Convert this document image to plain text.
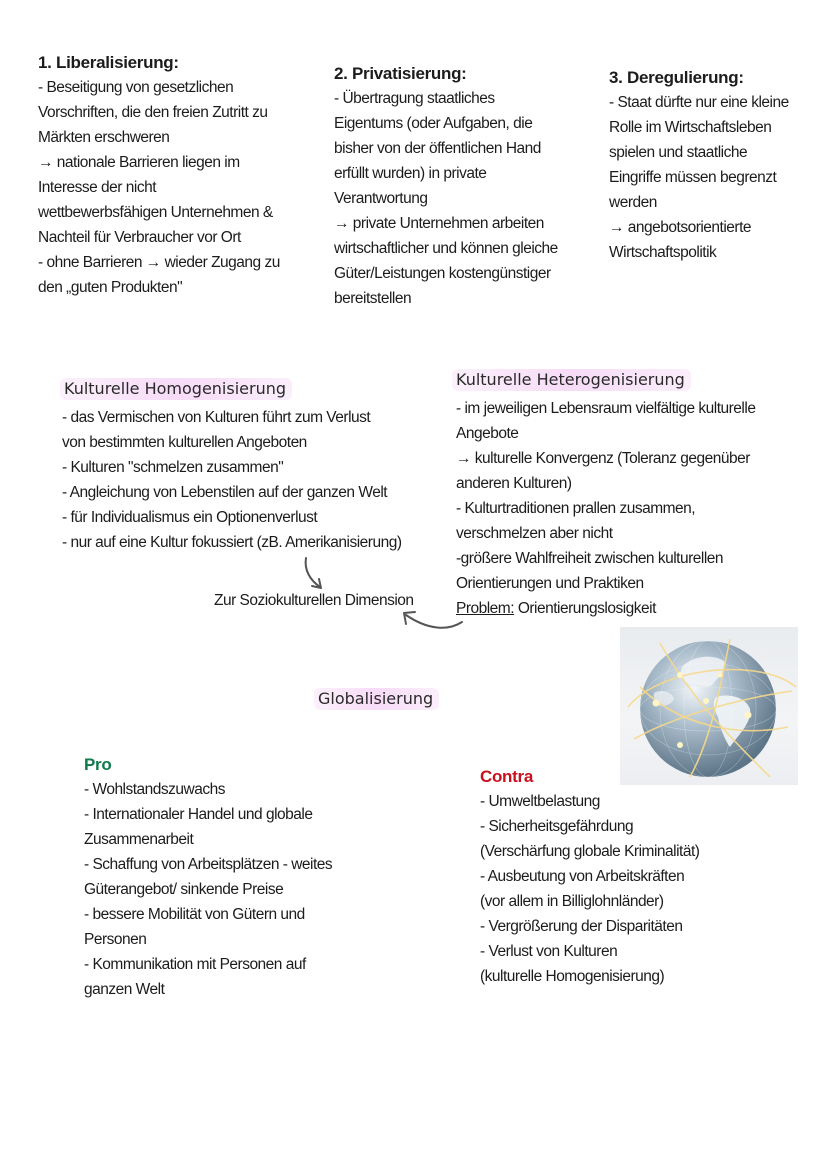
1. Liberalisierung:
- Beseitigung von gesetzlichen
Vorschriften, die den freien Zutritt zu
Märkten erschweren
→ nationale Barrieren liegen im
Interesse der nicht
wettbewerbsfähigen Unternehmen &
Nachteil für Verbraucher vor Ort
- ohne Barrieren → wieder Zugang zu
den „guten Produkten"
2. Privatisierung:
- Übertragung staatliches
Eigentums (oder Aufgaben, die
bisher von der öffentlichen Hand
erfüllt wurden) in private
Verantwortung
→ private Unternehmen arbeiten
wirtschaftlicher und können gleiche
Güter/Leistungen kostengünstiger
bereitstellen
3. Deregulierung:
- Staat dürfte nur eine kleine
Rolle im Wirtschaftsleben
spielen und staatliche
Eingriffe müssen begrenzt
werden
→ angebotsorientierte
Wirtschaftspolitik
Kulturelle Homogenisierung
- das Vermischen von Kulturen führt zum Verlust
von bestimmten kulturellen Angeboten
- Kulturen "schmelzen zusammen"
- Angleichung von Lebenstilen auf der ganzen Welt
- für Individualismus ein Optionenverlust
- nur auf eine Kultur fokussiert (zB. Amerikanisierung)
Kulturelle Heterogenisierung
- im jeweiligen Lebensraum vielfältige kulturelle
Angebote
→ kulturelle Konvergenz (Toleranz gegenüber
anderen Kulturen)
- Kulturtraditionen prallen zusammen,
verschmelzen aber nicht
-größere Wahlfreiheit zwischen kulturellen
Orientierungen und Praktiken
Problem: Orientierungslosigkeit
Zur Soziokulturellen Dimension
Globalisierung
Pro
- Wohlstandszuwachs
- Internationaler Handel und globale
Zusammenarbeit
- Schaffung von Arbeitsplätzen - weites
Güterangebot/ sinkende Preise
- bessere Mobilität von Gütern und
Personen
- Kommunikation mit Personen auf
ganzen Welt
Contra
- Umweltbelastung
- Sicherheitsgefährdung
(Verschärfung globale Kriminalität)
- Ausbeutung von Arbeitskräften
(vor allem in Billiglohnländer)
- Vergrößerung der Disparitäten
- Verlust von Kulturen
(kulturelle Homogenisierung)
